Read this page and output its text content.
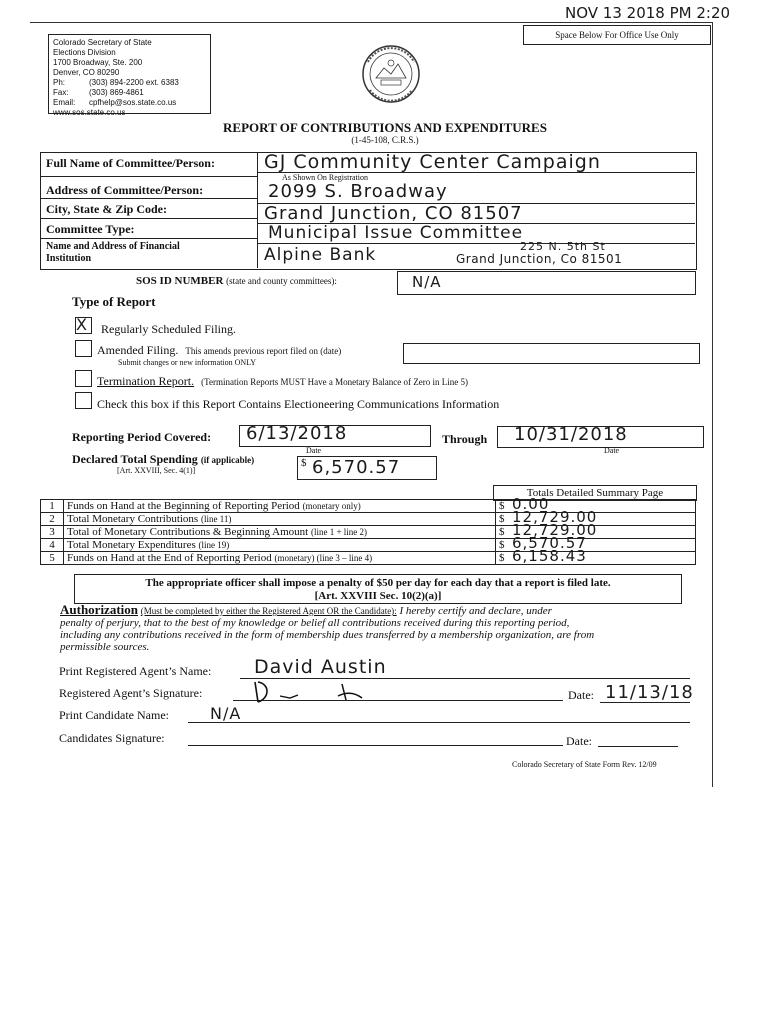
NOV 13 2018 PM 2:20
Space Below For Office Use Only
Colorado Secretary of State
Elections Division
1700 Broadway, Ste. 200
Denver, CO 80290
Ph:	(303) 894-2200 ext. 6383
Fax:	(303) 869-4861
Email: cpfhelp@sos.state.co.us
www.sos.state.co.us
REPORT OF CONTRIBUTIONS AND EXPENDITURES
(1-45-108, C.R.S.)
Full Name of Committee/Person:	GJ Community Center Campaign
As Shown On Registration
Address of Committee/Person:	2099 S. Broadway
City, State & Zip Code:	Grand Junction, CO 81507
Committee Type:	Municipal Issue Committee
Name and Address of Financial
Institution	Alpine Bank	225 N. 5th St
Grand Junction, Co 81501
SOS ID NUMBER (state and county committees):	N/A
Type of Report
X Regularly Scheduled Filing.
Amended Filing. This amends previous report filed on (date)
Submit changes or new information ONLY
Termination Report. (Termination Reports MUST Have a Monetary Balance of Zero in Line 5)
Check this box if this Report Contains Electioneering Communications Information
Reporting Period Covered: 6/13/2018
Date
Through 10/31/2018
Date
Declared Total Spending (if applicable)
[Art. XXVIII, Sec. 4(1)]
$ 6,570.57
Totals Detailed Summary Page
1	Funds on Hand at the Beginning of Reporting Period (monetary only)	$ 0.00

2	Total Monetary Contributions (line 11)	$ 12,729.00

3	Total of Monetary Contributions & Beginning Amount (line 1 + line 2)	$ 12,729.00

4	Total Monetary Expenditures (line 19)	$ 6,570.57

5	Funds on Hand at the End of Reporting Period (monetary) (line 3 – line 4)	$ 6,158.43
The appropriate officer shall impose a penalty of $50 per day for each day that a report is filed late.
[Art. XXVIII Sec. 10(2)(a)]
Authorization (Must be completed by either the Registered Agent OR the Candidate): I hereby certify and declare, under
penalty of perjury, that to the best of my knowledge or belief all contributions received during this reporting period,
including any contributions received in the form of membership dues transferred by a membership organization, are from
permissible sources.
Print Registered Agent’s Name: David Austin
Registered Agent’s Signature:	Date: 11/13/18
Print Candidate Name:	N/A
Candidates Signature:	Date:
Colorado Secretary of State Form Rev. 12/09
